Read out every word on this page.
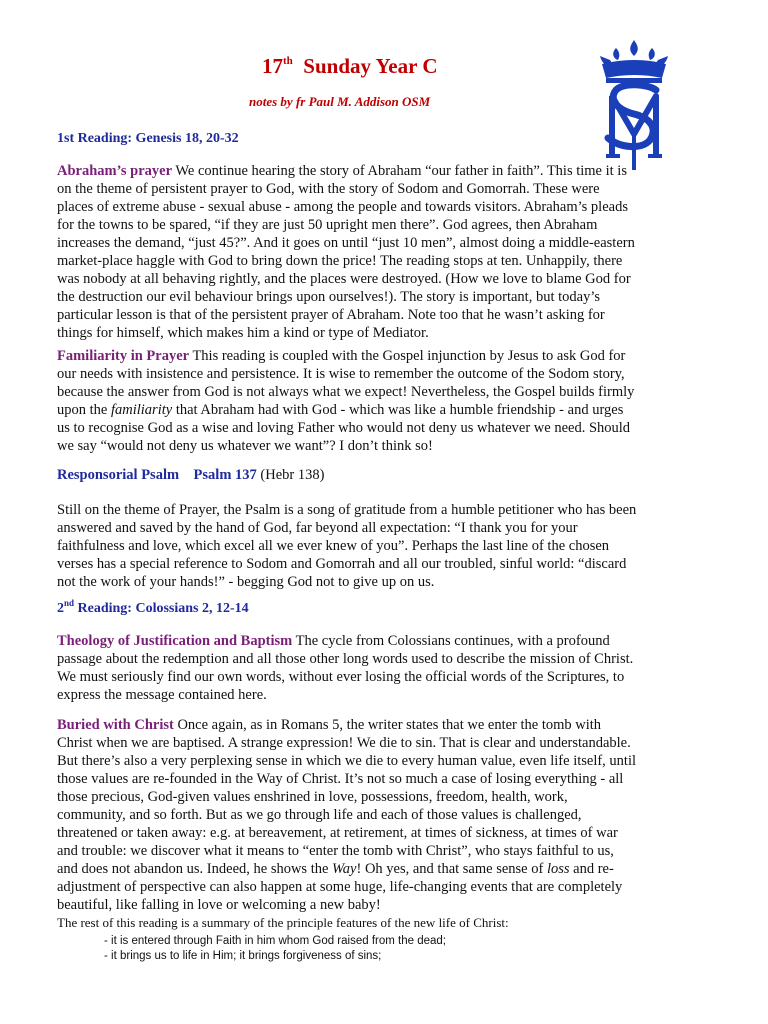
17th Sunday Year C
notes by fr Paul M. Addison OSM
1st Reading: Genesis 18, 20-32
Abraham’s prayer We continue hearing the story of Abraham “our father in faith”. This time it is on the theme of persistent prayer to God, with the story of Sodom and Gomorrah. These were places of extreme abuse - sexual abuse - among the people and towards visitors. Abraham’s pleads for the towns to be spared, “if they are just 50 upright men there”. God agrees, then Abraham increases the demand, “just 45?”. And it goes on until “just 10 men”, almost doing a middle-eastern market-place haggle with God to bring down the price! The reading stops at ten. Unhappily, there was nobody at all behaving rightly, and the places were destroyed. (How we love to blame God for the destruction our evil behaviour brings upon ourselves!). The story is important, but today’s particular lesson is that of the persistent prayer of Abraham. Note too that he wasn’t asking for things for himself, which makes him a kind or type of Mediator.
Familiarity in Prayer This reading is coupled with the Gospel injunction by Jesus to ask God for our needs with insistence and persistence. It is wise to remember the outcome of the Sodom story, because the answer from God is not always what we expect! Nevertheless, the Gospel builds firmly upon the familiarity that Abraham had with God - which was like a humble friendship - and urges us to recognise God as a wise and loving Father who would not deny us whatever we need. Should we say “would not deny us whatever we want”? I don’t think so!
Responsorial Psalm Psalm 137 (Hebr 138)
Still on the theme of Prayer, the Psalm is a song of gratitude from a humble petitioner who has been answered and saved by the hand of God, far beyond all expectation: “I thank you for your faithfulness and love, which excel all we ever knew of you”. Perhaps the last line of the chosen verses has a special reference to Sodom and Gomorrah and all our troubled, sinful world: “discard not the work of your hands!” - begging God not to give up on us.
2nd Reading: Colossians 2, 12-14
Theology of Justification and Baptism The cycle from Colossians continues, with a profound passage about the redemption and all those other long words used to describe the mission of Christ. We must seriously find our own words, without ever losing the official words of the Scriptures, to express the message contained here.
Buried with Christ Once again, as in Romans 5, the writer states that we enter the tomb with Christ when we are baptised. A strange expression! We die to sin. That is clear and understandable. But there’s also a very perplexing sense in which we die to every human value, even life itself, until those values are re-founded in the Way of Christ. It’s not so much a case of losing everything - all those precious, God-given values enshrined in love, possessions, freedom, health, work, community, and so forth. But as we go through life and each of those values is challenged, threatened or taken away: e.g. at bereavement, at retirement, at times of sickness, at times of war and trouble: we discover what it means to “enter the tomb with Christ”, who stays faithful to us, and does not abandon us. Indeed, he shows the Way! Oh yes, and that same sense of loss and re-adjustment of perspective can also happen at some huge, life-changing events that are completely beautiful, like falling in love or welcoming a new baby!
The rest of this reading is a summary of the principle features of the new life of Christ:
- it is entered through Faith in him whom God raised from the dead;
- it brings us to life in Him; it brings forgiveness of sins;
